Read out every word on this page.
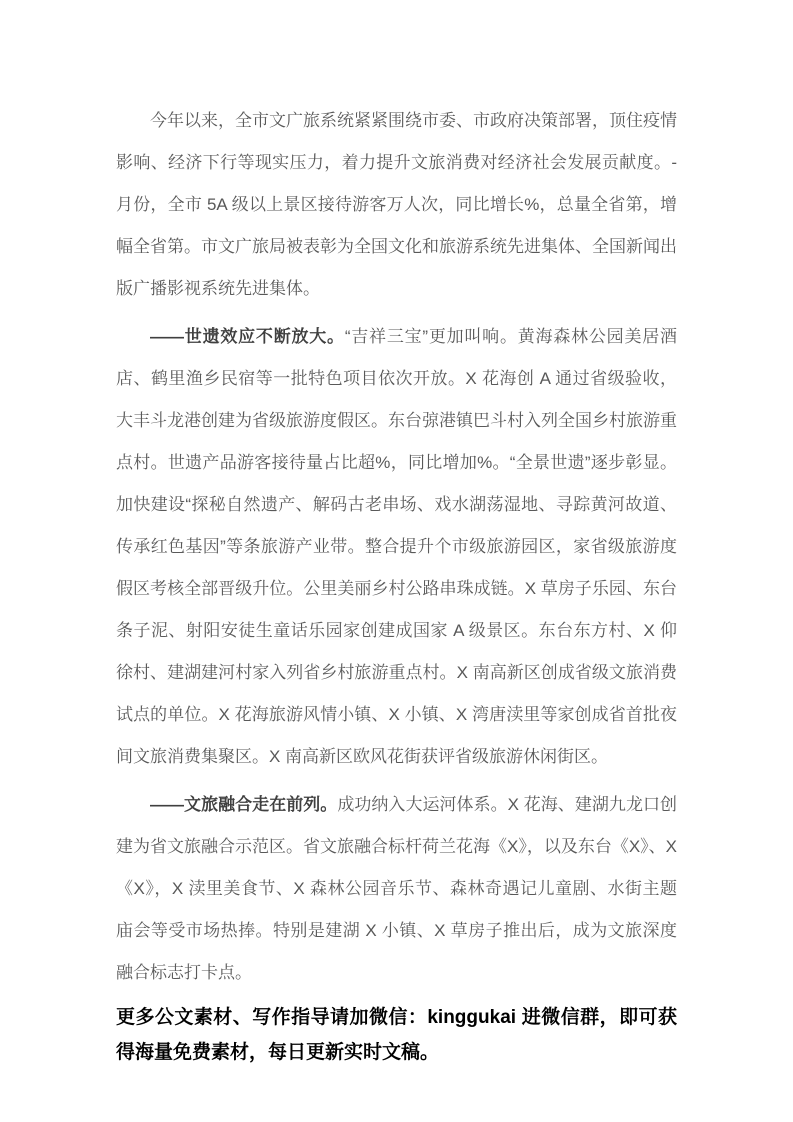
今年以来，全市文广旅系统紧紧围绕市委、市政府决策部署，顶住疫情影响、经济下行等现实压力，着力提升文旅消费对经济社会发展贡献度。-月份，全市 5A 级以上景区接待游客万人次，同比增长%，总量全省第，增幅全省第。市文广旅局被表彰为全国文化和旅游系统先进集体、全国新闻出版广播影视系统先进集体。

——世遗效应不断放大。“吉祥三宝”更加叫响。黄海森林公园美居酒店、鹤里渔乡民宿等一批特色项目依次开放。X 花海创 A 通过省级验收，大丰斗龙港创建为省级旅游度假区。东台弶港镇巴斗村入列全国乡村旅游重点村。世遗产品游客接待量占比超%，同比增加%。“全景世遗”逐步彰显。加快建设“探秘自然遗产、解码古老串场、戏水湖荡湿地、寻踪黄河故道、传承红色基因”等条旅游产业带。整合提升个市级旅游园区，家省级旅游度假区考核全部晋级升位。公里美丽乡村公路串珠成链。X 草房子乐园、东台条子泥、射阳安徒生童话乐园家创建成国家 A 级景区。东台东方村、X 仰徐村、建湖建河村家入列省乡村旅游重点村。X 南高新区创成省级文旅消费试点的单位。X 花海旅游风情小镇、X 小镇、X 湾唐渎里等家创成省首批夜间文旅消费集聚区。X 南高新区欧风花街获评省级旅游休闲街区。

——文旅融合走在前列。成功纳入大运河体系。X 花海、建湖九龙口创建为省文旅融合示范区。省文旅融合标杆荷兰花海《X》，以及东台《X》、X《X》，X 渎里美食节、X 森林公园音乐节、森林奇遇记儿童剧、水街主题庙会等受市场热捧。特别是建湖 X 小镇、X 草房子推出后，成为文旅深度融合标志打卡点。

更多公文素材、写作指导请加微信：kinggukai 进微信群，即可获得海量免费素材，每日更新实时文稿。
